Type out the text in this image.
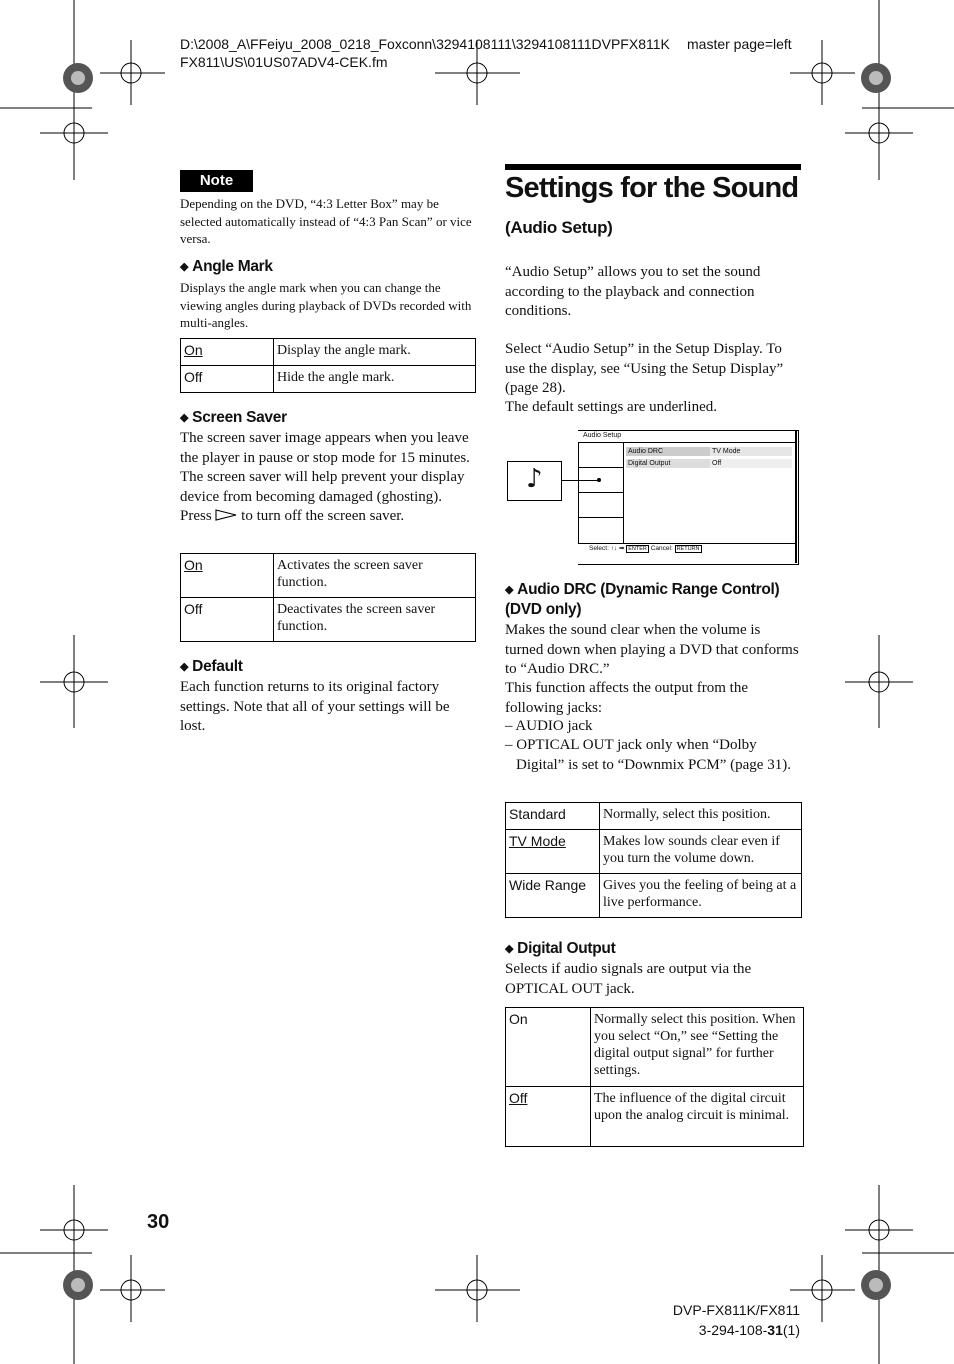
D:\2008_A\FFeiyu_2008_0218_Foxconn\3294108111\3294108111DVPFX811K master page=left
FX811\US\01US07ADV4-CEK.fm
Note
Depending on the DVD, “4:3 Letter Box” may be selected automatically instead of “4:3 Pan Scan” or vice versa.
◆ Angle Mark
Displays the angle mark when you can change the viewing angles during playback of DVDs recorded with multi-angles.
On	Display the angle mark.
Off	Hide the angle mark.
◆ Screen Saver
The screen saver image appears when you leave the player in pause or stop mode for 15 minutes. The screen saver will help prevent your display device from becoming damaged (ghosting). Press to turn off the screen saver.
On	Activates the screen saver function.
Off	Deactivates the screen saver function.
◆ Default
Each function returns to its original factory settings. Note that all of your settings will be lost.
Settings for the Sound
(Audio Setup)
“Audio Setup” allows you to set the sound according to the playback and connection conditions.
Select “Audio Setup” in the Setup Display. To use the display, see “Using the Setup Display” (page 28).
The default settings are underlined.
Audio Setup
♪
Audio DRC	TV Mode
Digital Output	Off
Select: ↑↓ ➡ ENTER Cancel: RETURN
◆ Audio DRC (Dynamic Range Control)
(DVD only)
Makes the sound clear when the volume is turned down when playing a DVD that conforms to “Audio DRC.”
This function affects the output from the following jacks:
– AUDIO jack
– OPTICAL OUT jack only when “Dolby Digital” is set to “Downmix PCM” (page 31).
Standard	Normally, select this position.
TV Mode	Makes low sounds clear even if you turn the volume down.
Wide Range	Gives you the feeling of being at a live performance.
◆ Digital Output
Selects if audio signals are output via the OPTICAL OUT jack.
On	Normally select this position. When you select “On,” see “Setting the digital output signal” for further settings.
Off	The influence of the digital circuit upon the analog circuit is minimal.
30
DVP-FX811K/FX811
3-294-108-31(1)
